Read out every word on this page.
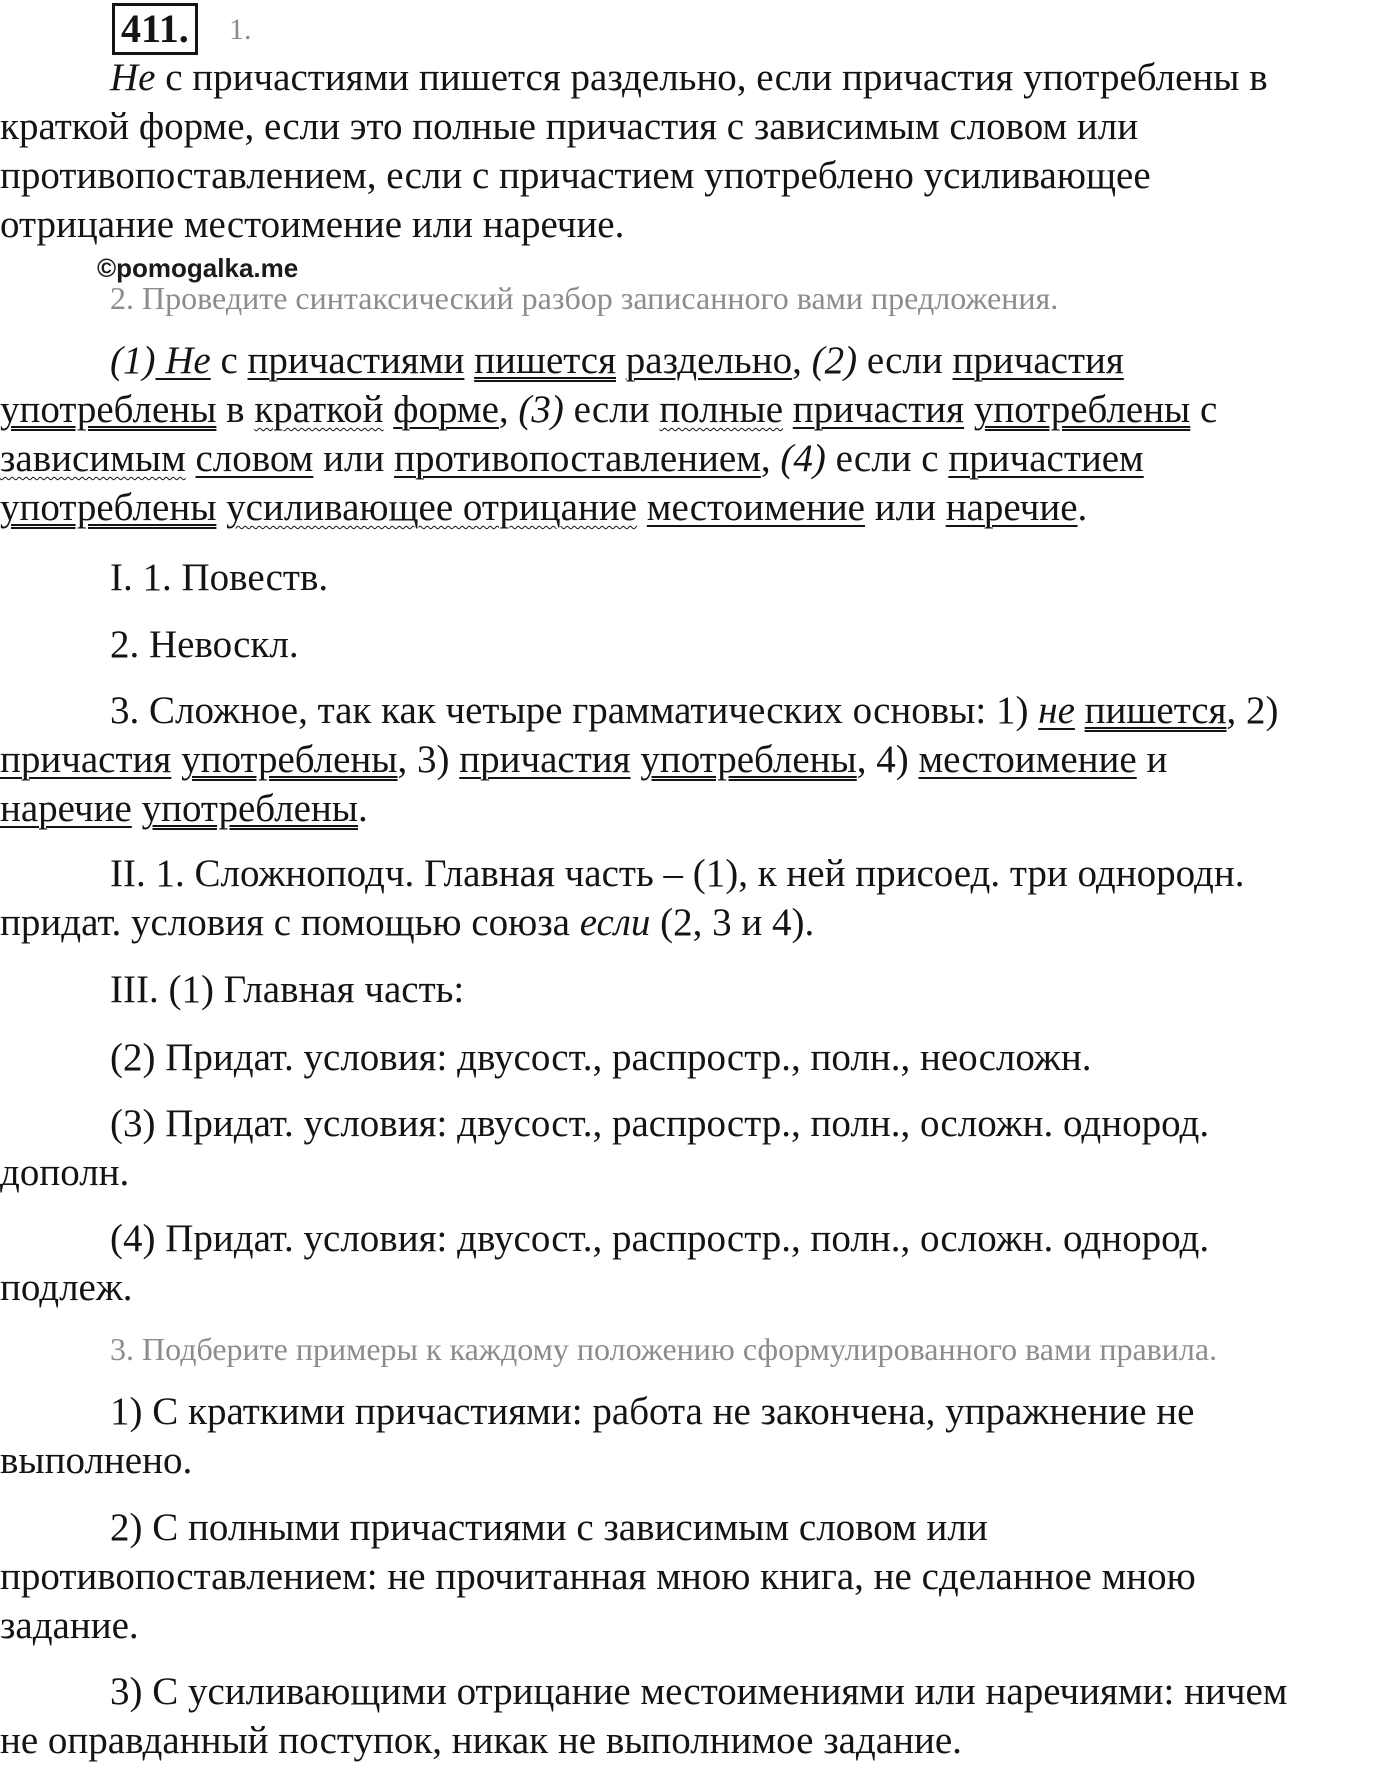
411.	1.
Не с причастиями пишется раздельно, если причастия употреблены в
краткой форме, если это полные причастия с зависимым словом или
противопоставлением, если с причастием употреблено усиливающее
отрицание местоимение или наречие.
©pomogalka.me
2. Проведите синтаксический разбор записанного вами предложения.
(1) Не с причастиями пишется раздельно, (2) если причастия
употреблены в краткой форме, (3) если полные причастия употреблены с
зависимым словом или противопоставлением, (4) если с причастием
употреблены усиливающее отрицание местоимение или наречие.
I. 1. Повеств.
2. Невоскл.
3. Сложное, так как четыре грамматических основы: 1) не пишется, 2)
причастия употреблены, 3) причастия употреблены, 4) местоимение и
наречие употреблены.
II. 1. Сложноподч. Главная часть – (1), к ней присоед. три однородн.
придат. условия с помощью союза если (2, 3 и 4).
III. (1) Главная часть:
(2) Придат. условия: двусост., распростр., полн., неосложн.
(3) Придат. условия: двусост., распростр., полн., осложн. однород.
дополн.
(4) Придат. условия: двусост., распростр., полн., осложн. однород.
подлеж.
3. Подберите примеры к каждому положению сформулированного вами правила.
1) С краткими причастиями: работа не закончена, упражнение не
выполнено.
2) С полными причастиями с зависимым словом или
противопоставлением: не прочитанная мною книга, не сделанное мною
задание.
3) С усиливающими отрицание местоимениями или наречиями: ничем
не оправданный поступок, никак не выполнимое задание.
